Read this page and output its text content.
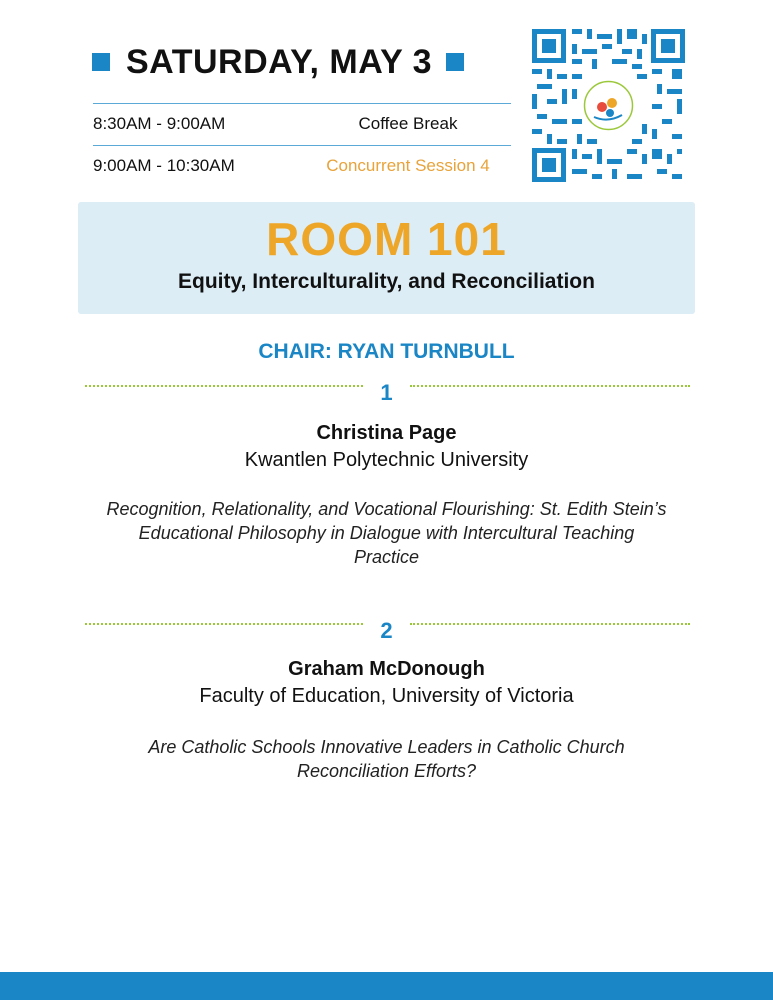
SATURDAY, MAY 3
8:30AM - 9:00AM	Coffee Break
9:00AM - 10:30AM	Concurrent Session 4
ROOM 101
Equity, Interculturality, and Reconciliation
CHAIR: RYAN TURNBULL
1
Christina Page
Kwantlen Polytechnic University
Recognition, Relationality, and Vocational Flourishing: St. Edith Stein’s
Educational Philosophy in Dialogue with Intercultural Teaching
Practice
2
Graham McDonough
Faculty of Education, University of Victoria
Are Catholic Schools Innovative Leaders in Catholic Church
Reconciliation Efforts?
